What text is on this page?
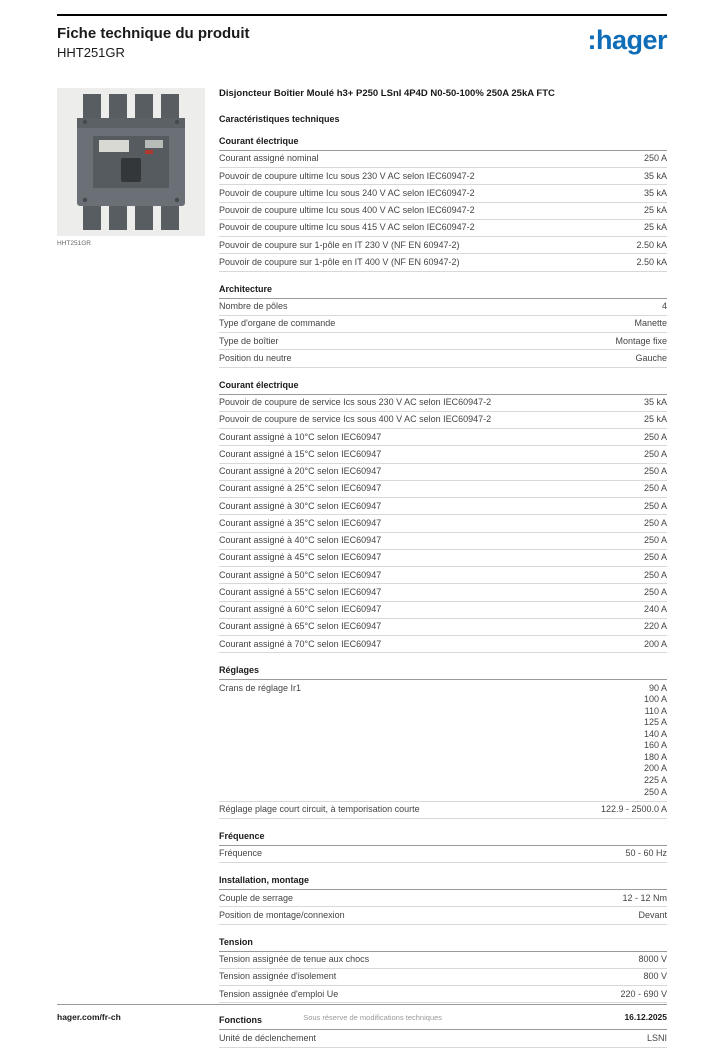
Fiche technique du produit
HHT251GR	:hager
HHT251GR
Disjoncteur Boîtier Moulé h3+ P250 LSnI 4P4D N0-50-100% 250A 25kA FTC
Caractéristiques techniques
Courant électrique
Courant assigné nominal	250 A
Pouvoir de coupure ultime Icu sous 230 V AC selon IEC60947-2	35 kA
Pouvoir de coupure ultime Icu sous 240 V AC selon IEC60947-2	35 kA
Pouvoir de coupure ultime Icu sous 400 V AC selon IEC60947-2	25 kA
Pouvoir de coupure ultime Icu sous 415 V AC selon IEC60947-2	25 kA
Pouvoir de coupure sur 1-pôle en IT 230 V (NF EN 60947-2)	2.50 kA
Pouvoir de coupure sur 1-pôle en IT 400 V (NF EN 60947-2)	2.50 kA
Architecture
Nombre de pôles	4
Type d'organe de commande	Manette
Type de boîtier	Montage fixe
Position du neutre	Gauche
Courant électrique
Pouvoir de coupure de service Ics sous 230 V AC selon IEC60947-2	35 kA
Pouvoir de coupure de service Ics sous 400 V AC selon IEC60947-2	25 kA
Courant assigné à 10°C selon IEC60947	250 A
Courant assigné à 15°C selon IEC60947	250 A
Courant assigné à 20°C selon IEC60947	250 A
Courant assigné à 25°C selon IEC60947	250 A
Courant assigné à 30°C selon IEC60947	250 A
Courant assigné à 35°C selon IEC60947	250 A
Courant assigné à 40°C selon IEC60947	250 A
Courant assigné à 45°C selon IEC60947	250 A
Courant assigné à 50°C selon IEC60947	250 A
Courant assigné à 55°C selon IEC60947	250 A
Courant assigné à 60°C selon IEC60947	240 A
Courant assigné à 65°C selon IEC60947	220 A
Courant assigné à 70°C selon IEC60947	200 A
Réglages
Crans de réglage Ir1	90 A
100 A
110 A
125 A
140 A
160 A
180 A
200 A
225 A
250 A
Réglage plage court circuit, à temporisation courte	122.9 - 2500.0 A
Fréquence
Fréquence	50 - 60 Hz
Installation, montage
Couple de serrage	12 - 12 Nm
Position de montage/connexion	Devant
Tension
Tension assignée de tenue aux chocs	8000 V
Tension assignée d'isolement	800 V
Tension assignée d'emploi Ue	220 - 690 V
Fonctions
Unité de déclenchement	LSNI
hager.com/fr-ch	Sous réserve de modifications techniques	16.12.2025
